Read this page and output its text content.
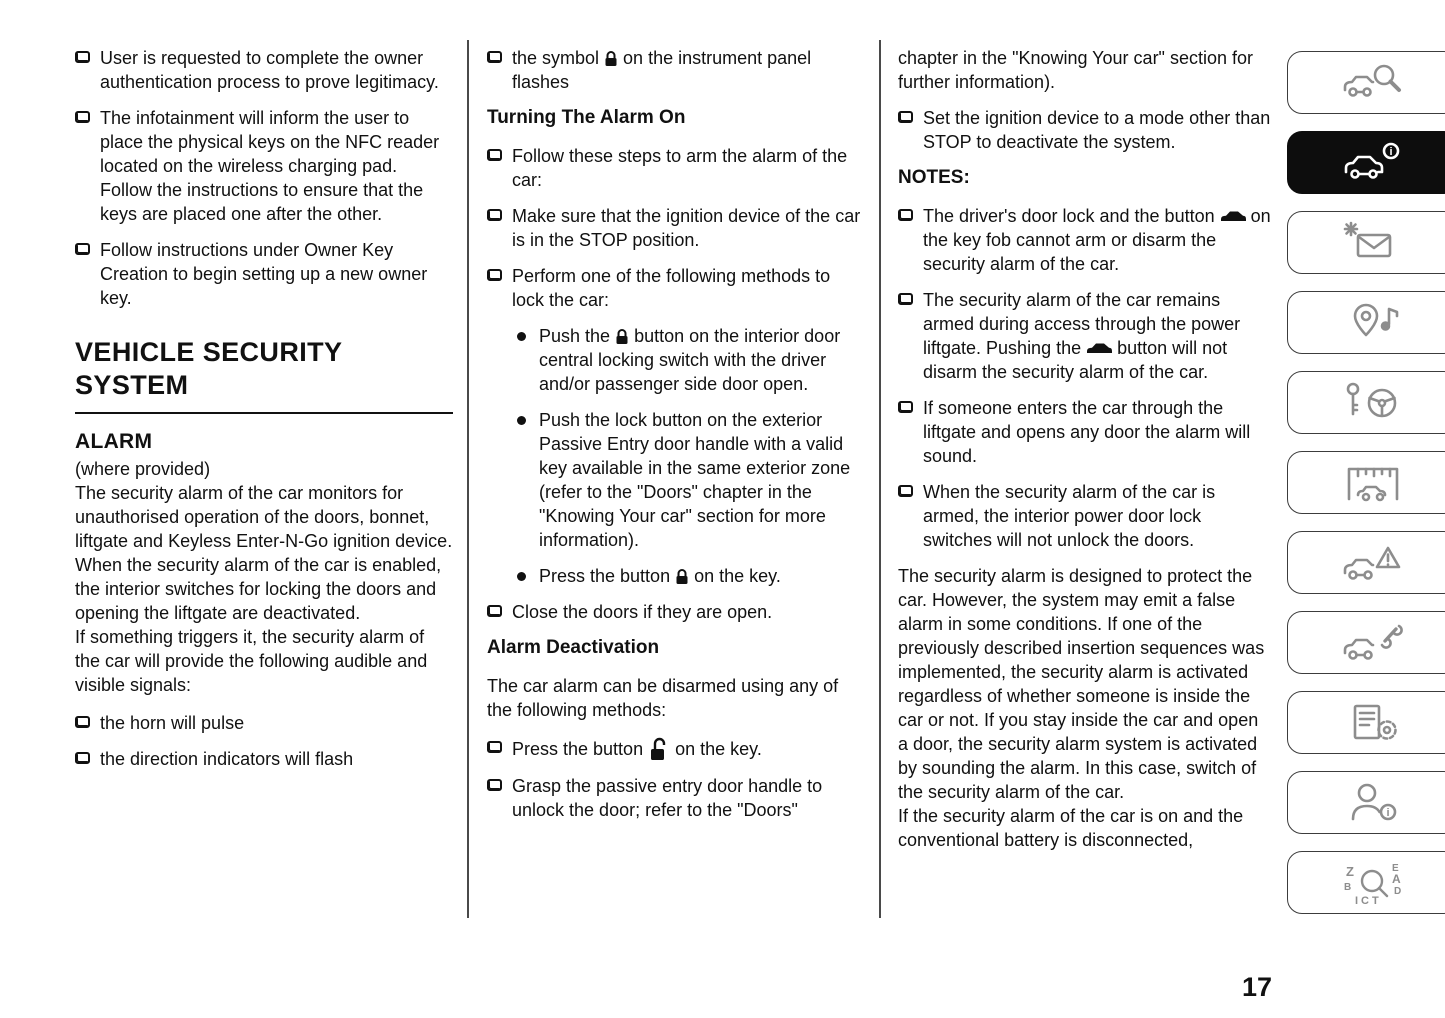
User is requested to complete the owner authentication process to prove legitimacy.
The infotainment will inform the user to place the physical keys on the NFC reader located on the wireless charging pad. Follow the instructions to ensure that the keys are placed one after the other.
Follow instructions under Owner Key Creation to begin setting up a new owner key.
VEHICLE SECURITY SYSTEM
ALARM

(where provided)

The security alarm of the car monitors for unauthorised operation of the doors, bonnet, liftgate and Keyless Enter-N-Go ignition device.

When the security alarm of the car is enabled, the interior switches for locking the doors and opening the liftgate are deactivated.

If something triggers it, the security alarm of the car will provide the following audible and visible signals:

the horn will pulse
the direction indicators will flash
the symbol on the instrument panel flashes
Turning The Alarm On
Follow these steps to arm the alarm of the car:
Make sure that the ignition device of the car is in the STOP position.
Perform one of the following methods to lock the car:
Push the button on the interior door central locking switch with the driver and/or passenger side door open.
Push the lock button on the exterior Passive Entry door handle with a valid key available in the same exterior zone (refer to the "Doors" chapter in the "Knowing Your car" section for more information).
Press the button on the key.
Close the doors if they are open.
Alarm Deactivation

The car alarm can be disarmed using any of the following methods:

Press the button on the key.
Grasp the passive entry door handle to unlock the door; refer to the "Doors"

chapter in the "Knowing Your car" section for further information).

Set the ignition device to a mode other than STOP to deactivate the system.
NOTES:
The driver's door lock and the button on the key fob cannot arm or disarm the security alarm of the car.
The security alarm of the car remains armed during access through the power liftgate. Pushing the button will not disarm the security alarm of the car.
If someone enters the car through the liftgate and opens any door the alarm will sound.
When the security alarm of the car is armed, the interior power door lock switches will not unlock the doors.

The security alarm is designed to protect the car. However, the system may emit a false alarm in some conditions. If one of the previously described insertion sequences was implemented, the security alarm is activated regardless of whether someone is inside the car or not. If you stay inside the car and open a door, the security alarm system is activated by sounding the alarm. In this case, switch of the security alarm of the car.

If the security alarm of the car is on and the conventional battery is disconnected,

i
i
Z
B
E
A
D
ICT
17
